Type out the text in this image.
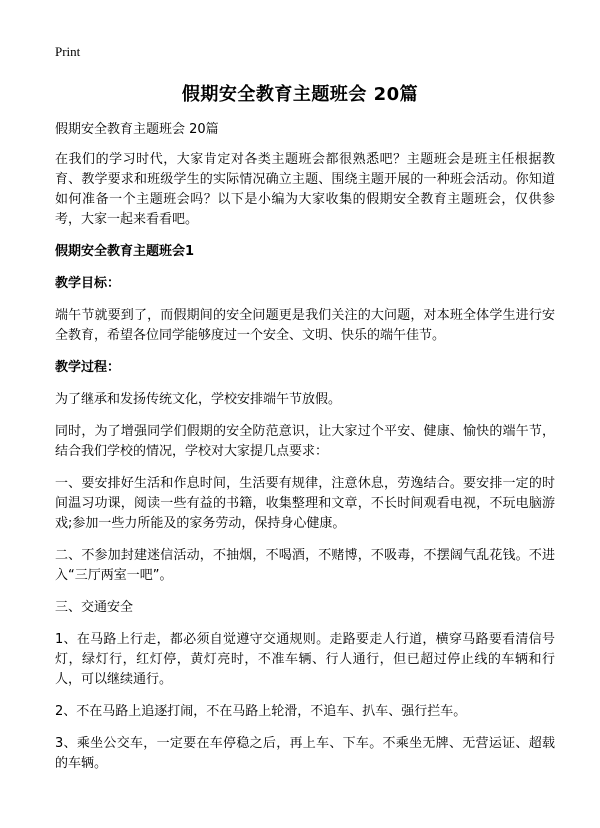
Print
假期安全教育主题班会 20篇

假期安全教育主题班会 20篇

在我们的学习时代，大家肯定对各类主题班会都很熟悉吧？主题班会是班主任根据教育、教学要求和班级学生的实际情况确立主题、围绕主题开展的一种班会活动。你知道如何准备一个主题班会吗？以下是小编为大家收集的假期安全教育主题班会，仅供参考，大家一起来看看吧。

假期安全教育主题班会1

教学目标：

端午节就要到了，而假期间的安全问题更是我们关注的大问题，对本班全体学生进行安全教育，希望各位同学能够度过一个安全、文明、快乐的端午佳节。

教学过程：

为了继承和发扬传统文化，学校安排端午节放假。

同时，为了增强同学们假期的安全防范意识，让大家过个平安、健康、愉快的端午节，结合我们学校的情况，学校对大家提几点要求：

一、要安排好生活和作息时间，生活要有规律，注意休息，劳逸结合。要安排一定的时间温习功课，阅读一些有益的书籍，收集整理和文章，不长时间观看电视，不玩电脑游戏;参加一些力所能及的家务劳动，保持身心健康。

二、不参加封建迷信活动，不抽烟，不喝酒，不赌博，不吸毒，不摆阔气乱花钱。不进入“三厅两室一吧”。

三、交通安全

1、在马路上行走，都必须自觉遵守交通规则。走路要走人行道，横穿马路要看清信号灯，绿灯行，红灯停，黄灯亮时，不准车辆、行人通行，但已超过停止线的车辆和行人，可以继续通行。

2、不在马路上追逐打闹，不在马路上轮滑，不追车、扒车、强行拦车。

3、乘坐公交车，一定要在车停稳之后，再上车、下车。不乘坐无牌、无营运证、超载的车辆。
